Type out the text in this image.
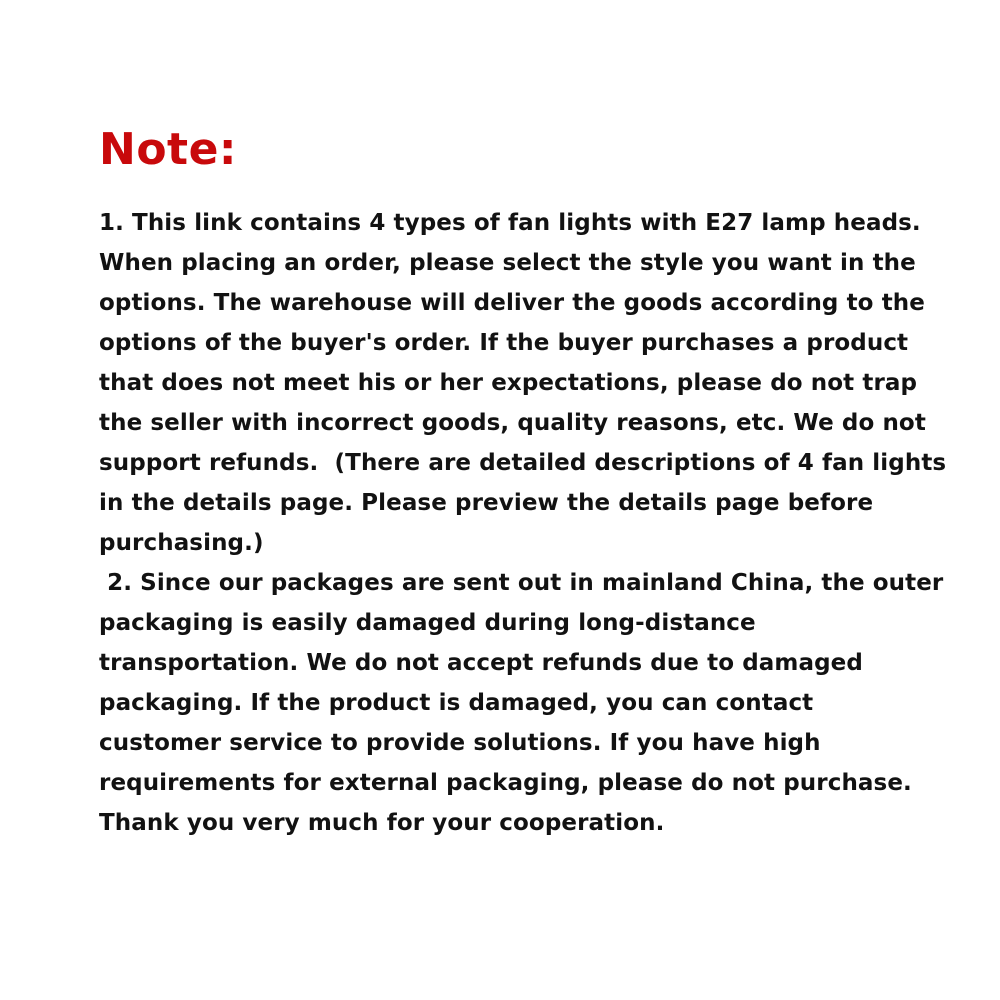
Note:
1. This link contains 4 types of fan lights with E27 lamp heads.
When placing an order, please select the style you want in the
options. The warehouse will deliver the goods according to the
options of the buyer's order. If the buyer purchases a product
that does not meet his or her expectations, please do not trap
the seller with incorrect goods, quality reasons, etc. We do not
support refunds.  (There are detailed descriptions of 4 fan lights
in the details page. Please preview the details page before
purchasing.)
2. Since our packages are sent out in mainland China, the outer
packaging is easily damaged during long-distance
transportation. We do not accept refunds due to damaged
packaging. If the product is damaged, you can contact
customer service to provide solutions. If you have high
requirements for external packaging, please do not purchase.
Thank you very much for your cooperation.
